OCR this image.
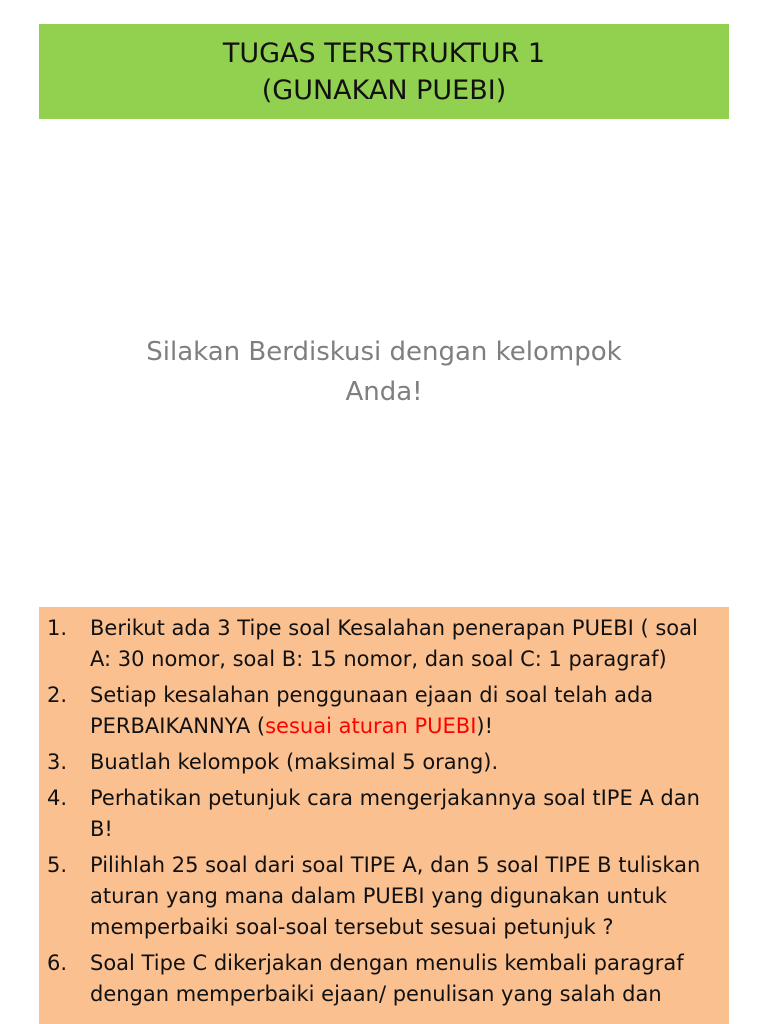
TUGAS TERSTRUKTUR 1
(GUNAKAN PUEBI)
Silakan Berdiskusi dengan kelompok
Anda!
1.	Berikut ada 3 Tipe soal Kesalahan penerapan PUEBI ( soal A: 30 nomor, soal B: 15 nomor, dan soal C: 1 paragraf)
2.	Setiap kesalahan penggunaan ejaan di soal telah ada PERBAIKANNYA (sesuai aturan PUEBI)!
3.	Buatlah kelompok (maksimal 5 orang).
4.	Perhatikan petunjuk cara mengerjakannya soal tIPE A dan B!
5.	Pilihlah 25 soal dari soal TIPE A, dan 5 soal TIPE B tuliskan aturan yang mana dalam PUEBI yang digunakan untuk memperbaiki soal-soal tersebut sesuai petunjuk ?
6.	Soal Tipe C dikerjakan dengan menulis kembali paragraf dengan memperbaiki ejaan/ penulisan yang salah dan
